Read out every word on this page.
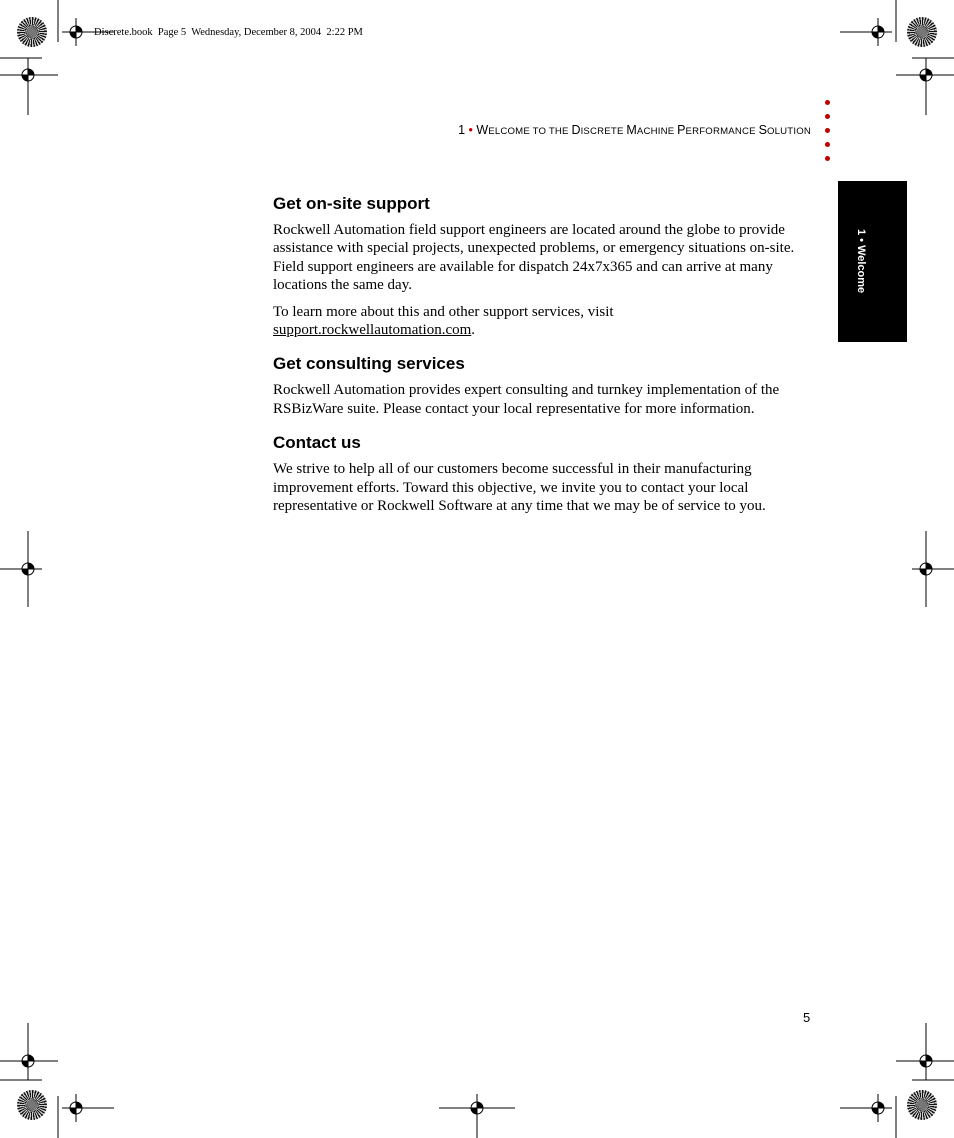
Discrete.book  Page 5  Wednesday, December 8, 2004  2:22 PM
1 • WELCOME TO THE DISCRETE MACHINE PERFORMANCE SOLUTION
1 • Welcome
Get on-site support

Rockwell Automation field support engineers are located around the globe to provide assistance with special projects, unexpected problems, or emergency situations on-site. Field support engineers are available for dispatch 24x7x365 and can arrive at many locations the same day.

To learn more about this and other support services, visit
support.rockwellautomation.com.

Get consulting services

Rockwell Automation provides expert consulting and turnkey implementation of the RSBizWare suite. Please contact your local representative for more information.

Contact us

We strive to help all of our customers become successful in their manufacturing improvement efforts. Toward this objective, we invite you to contact your local representative or Rockwell Software at any time that we may be of service to you.

5
